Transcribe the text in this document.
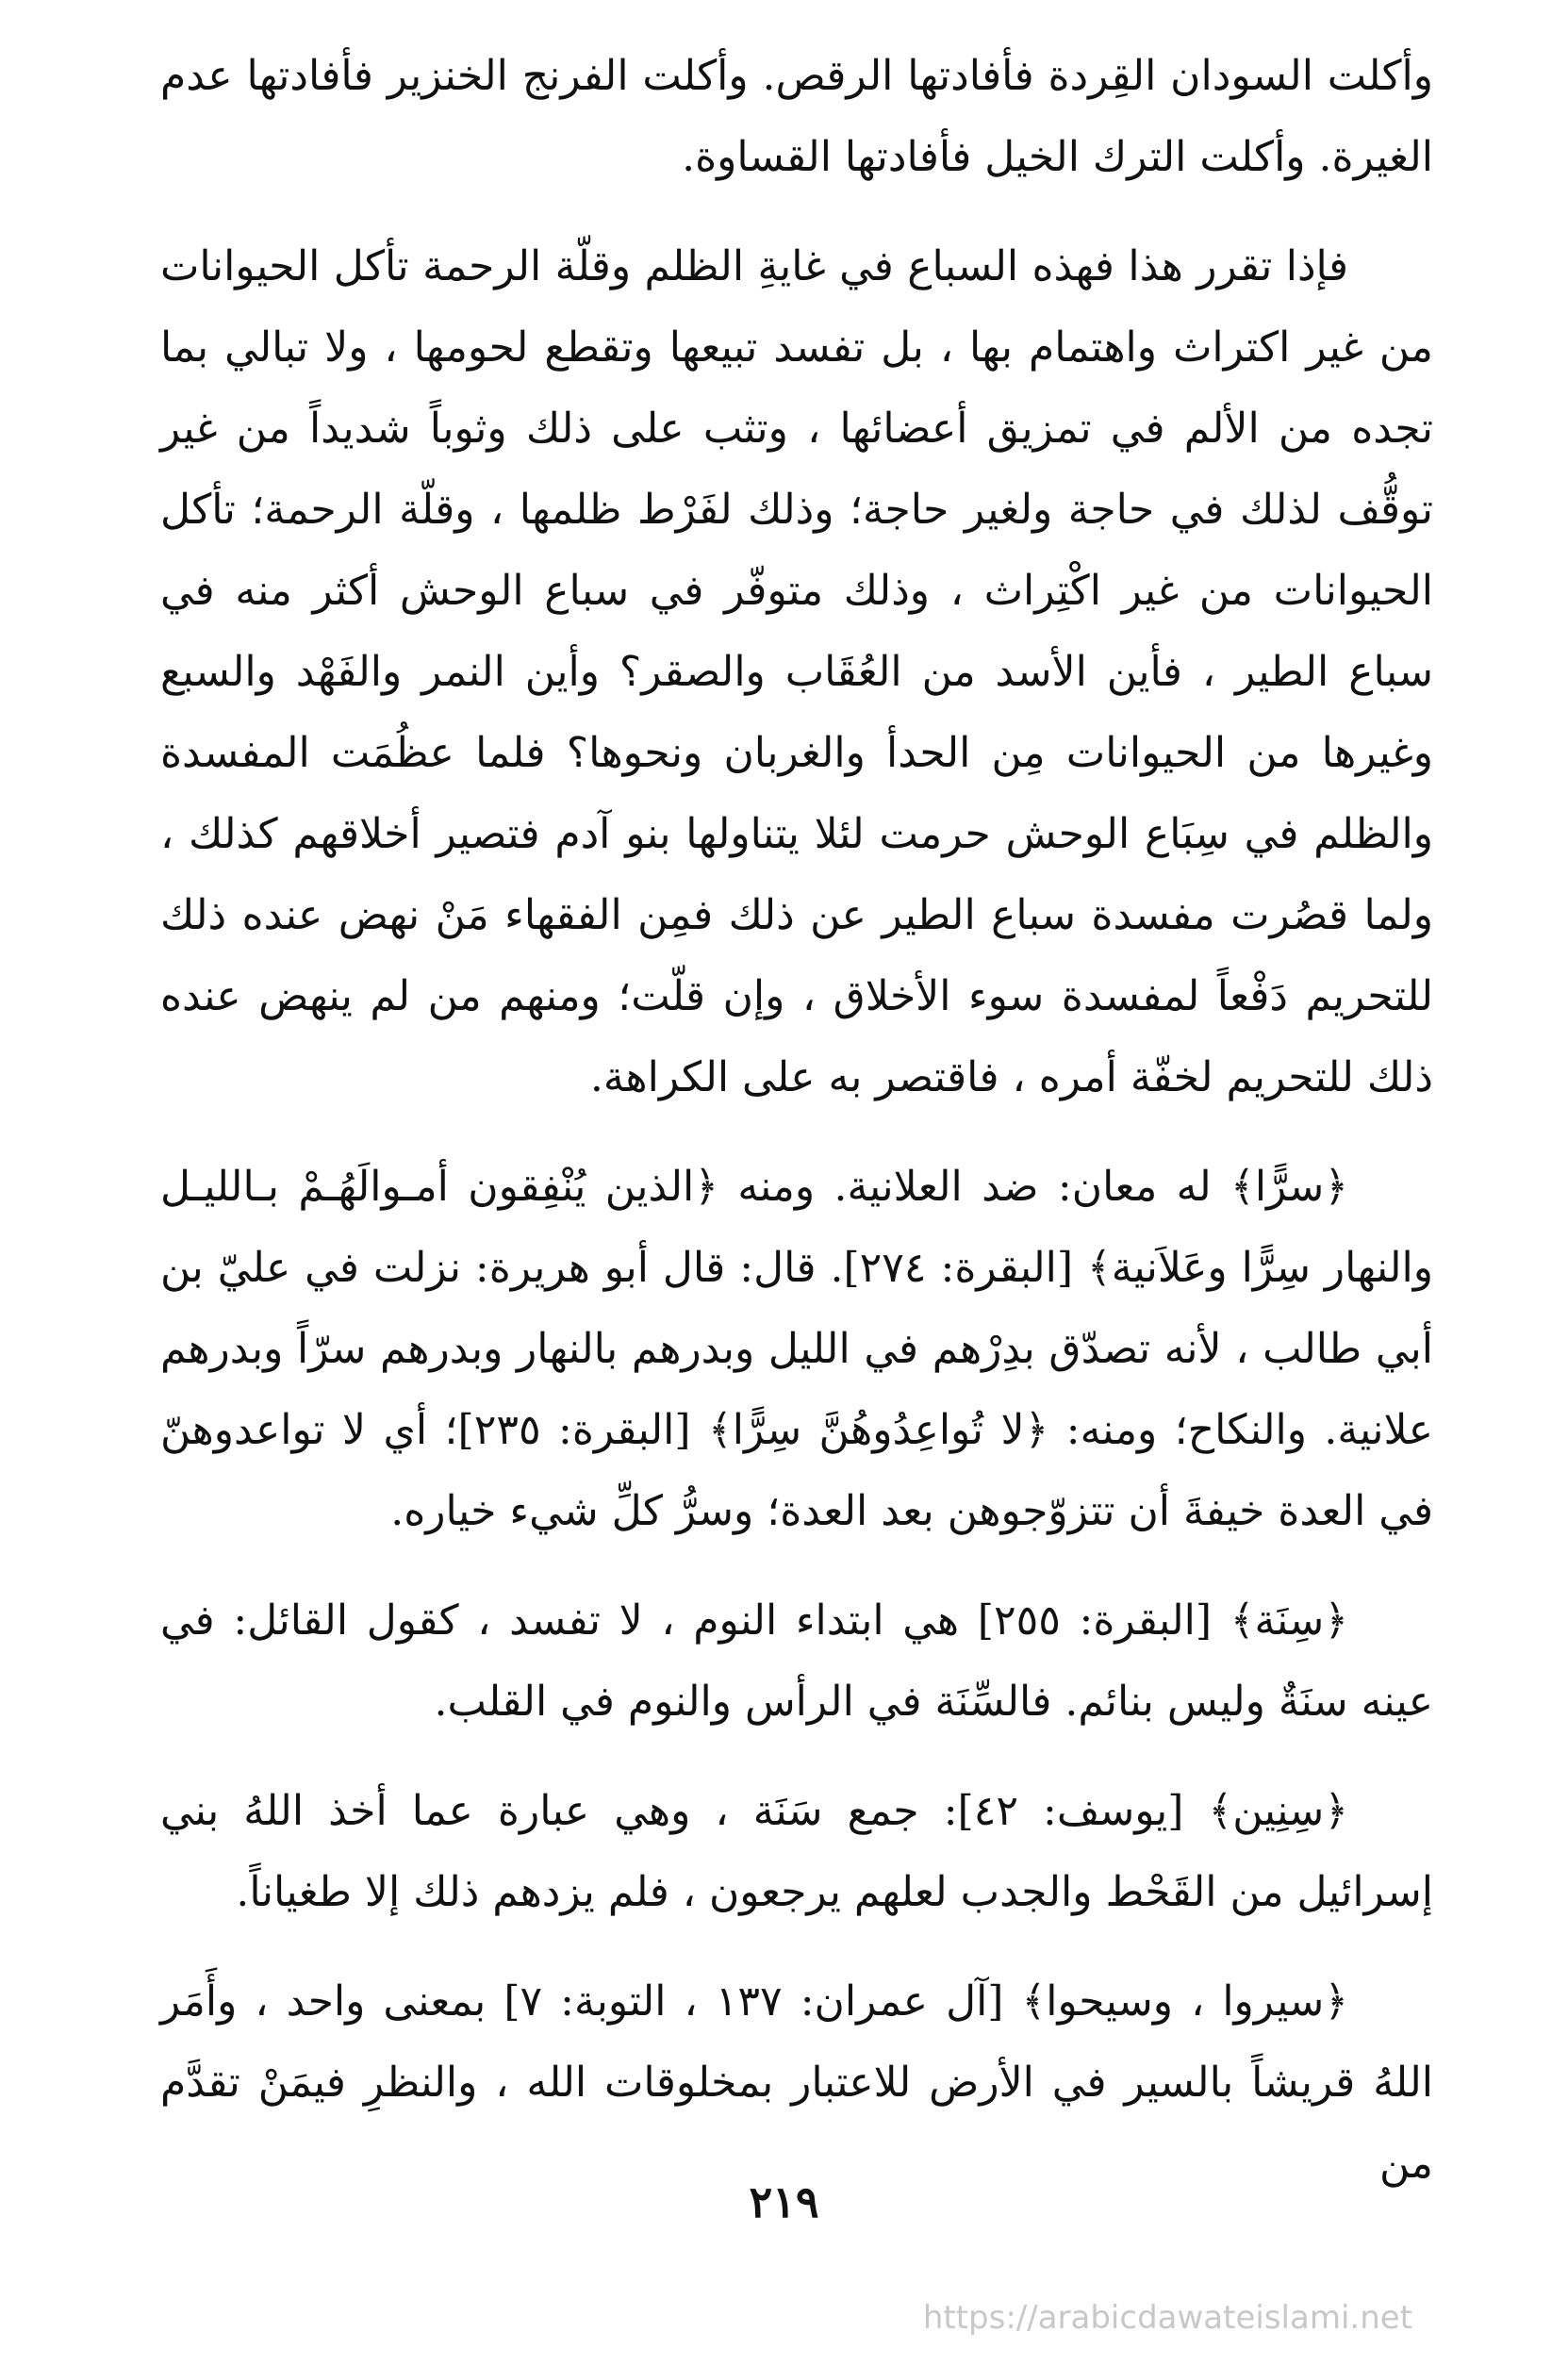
وأكلت السودان القِردة فأفادتها الرقص. وأكلت الفرنج الخنزير فأفادتها عدم الغيرة. وأكلت الترك الخيل فأفادتها القساوة.

فإذا تقرر هذا فهذه السباع في غايةِ الظلم وقلّة الرحمة تأكل الحيوانات من غير اكتراث واهتمام بها ، بل تفسد تبيعها وتقطع لحومها ، ولا تبالي بما تجده من الألم في تمزيق أعضائها ، وتثب على ذلك وثوباً شديداً من غير توقُّف لذلك في حاجة ولغير حاجة؛ وذلك لفَرْط ظلمها ، وقلّة الرحمة؛ تأكل الحيوانات من غير اكْتِراث ، وذلك متوفّر في سباع الوحش أكثر منه في سباع الطير ، فأين الأسد من العُقَاب والصقر؟ وأين النمر والفَهْد والسبع وغيرها من الحيوانات مِن الحدأ والغربان ونحوها؟ فلما عظُمَت المفسدة والظلم في سِبَاع الوحش حرمت لئلا يتناولها بنو آدم فتصير أخلاقهم كذلك ، ولما قصُرت مفسدة سباع الطير عن ذلك فمِن الفقهاء مَنْ نهض عنده ذلك للتحريم دَفْعاً لمفسدة سوء الأخلاق ، وإن قلّت؛ ومنهم من لم ينهض عنده ذلك للتحريم لخفّة أمره ، فاقتصر به على الكراهة.

﴿سرًّا﴾ له معان: ضد العلانية. ومنه ﴿الذين يُنْفِقون أمـوالَهُـمْ بـالليـل والنهار سِرًّا وعَلاَنية﴾ [البقرة: ٢٧٤]. قال: قال أبو هريرة: نزلت في عليّ بن أبي طالب ، لأنه تصدّق بدِرْهم في الليل وبدرهم بالنهار وبدرهم سرّاً وبدرهم علانية. والنكاح؛ ومنه: ﴿لا تُواعِدُوهُنَّ سِرًّا﴾ [البقرة: ٢٣٥]؛ أي لا تواعدوهنّ في العدة خيفةَ أن تتزوّجوهن بعد العدة؛ وسرُّ كلِّ شيء خياره.

﴿سِنَة﴾ [البقرة: ٢٥٥] هي ابتداء النوم ، لا تفسد ، كقول القائل: في عينه سنَةٌ وليس بنائم. فالسِّنَة في الرأس والنوم في القلب.

﴿سِنِين﴾ [يوسف: ٤٢]: جمع سَنَة ، وهي عبارة عما أخذ اللهُ بني إسرائيل من القَحْط والجدب لعلهم يرجعون ، فلم يزدهم ذلك إلا طغياناً.

﴿سيروا ، وسيحوا﴾ [آل عمران: ١٣٧ ، التوبة: ٧] بمعنى واحد ، وأَمَر اللهُ قريشاً بالسير في الأرض للاعتبار بمخلوقات الله ، والنظرِ فيمَنْ تقدَّم من

٢١٩
https://arabicdawateislami.net
